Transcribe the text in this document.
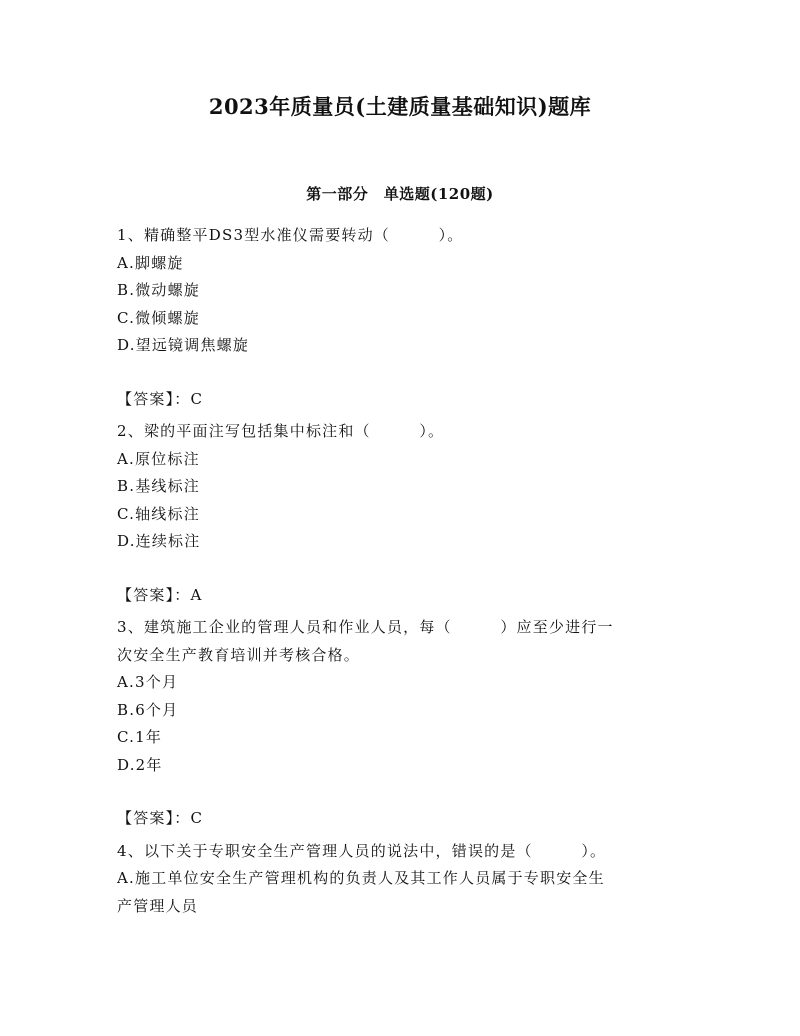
2023年质量员(土建质量基础知识)题库
第一部分　单选题(120题)
1、精确整平DS3型水准仪需要转动（　　　）。
A.脚螺旋
B.微动螺旋
C.微倾螺旋
D.望远镜调焦螺旋
【答案】：C
2、梁的平面注写包括集中标注和（　　　）。
A.原位标注
B.基线标注
C.轴线标注
D.连续标注
【答案】：A
3、建筑施工企业的管理人员和作业人员，每（　　　）应至少进行一
次安全生产教育培训并考核合格。
A.3个月
B.6个月
C.1年
D.2年
【答案】：C
4、以下关于专职安全生产管理人员的说法中，错误的是（　　　）。
A.施工单位安全生产管理机构的负责人及其工作人员属于专职安全生
产管理人员
